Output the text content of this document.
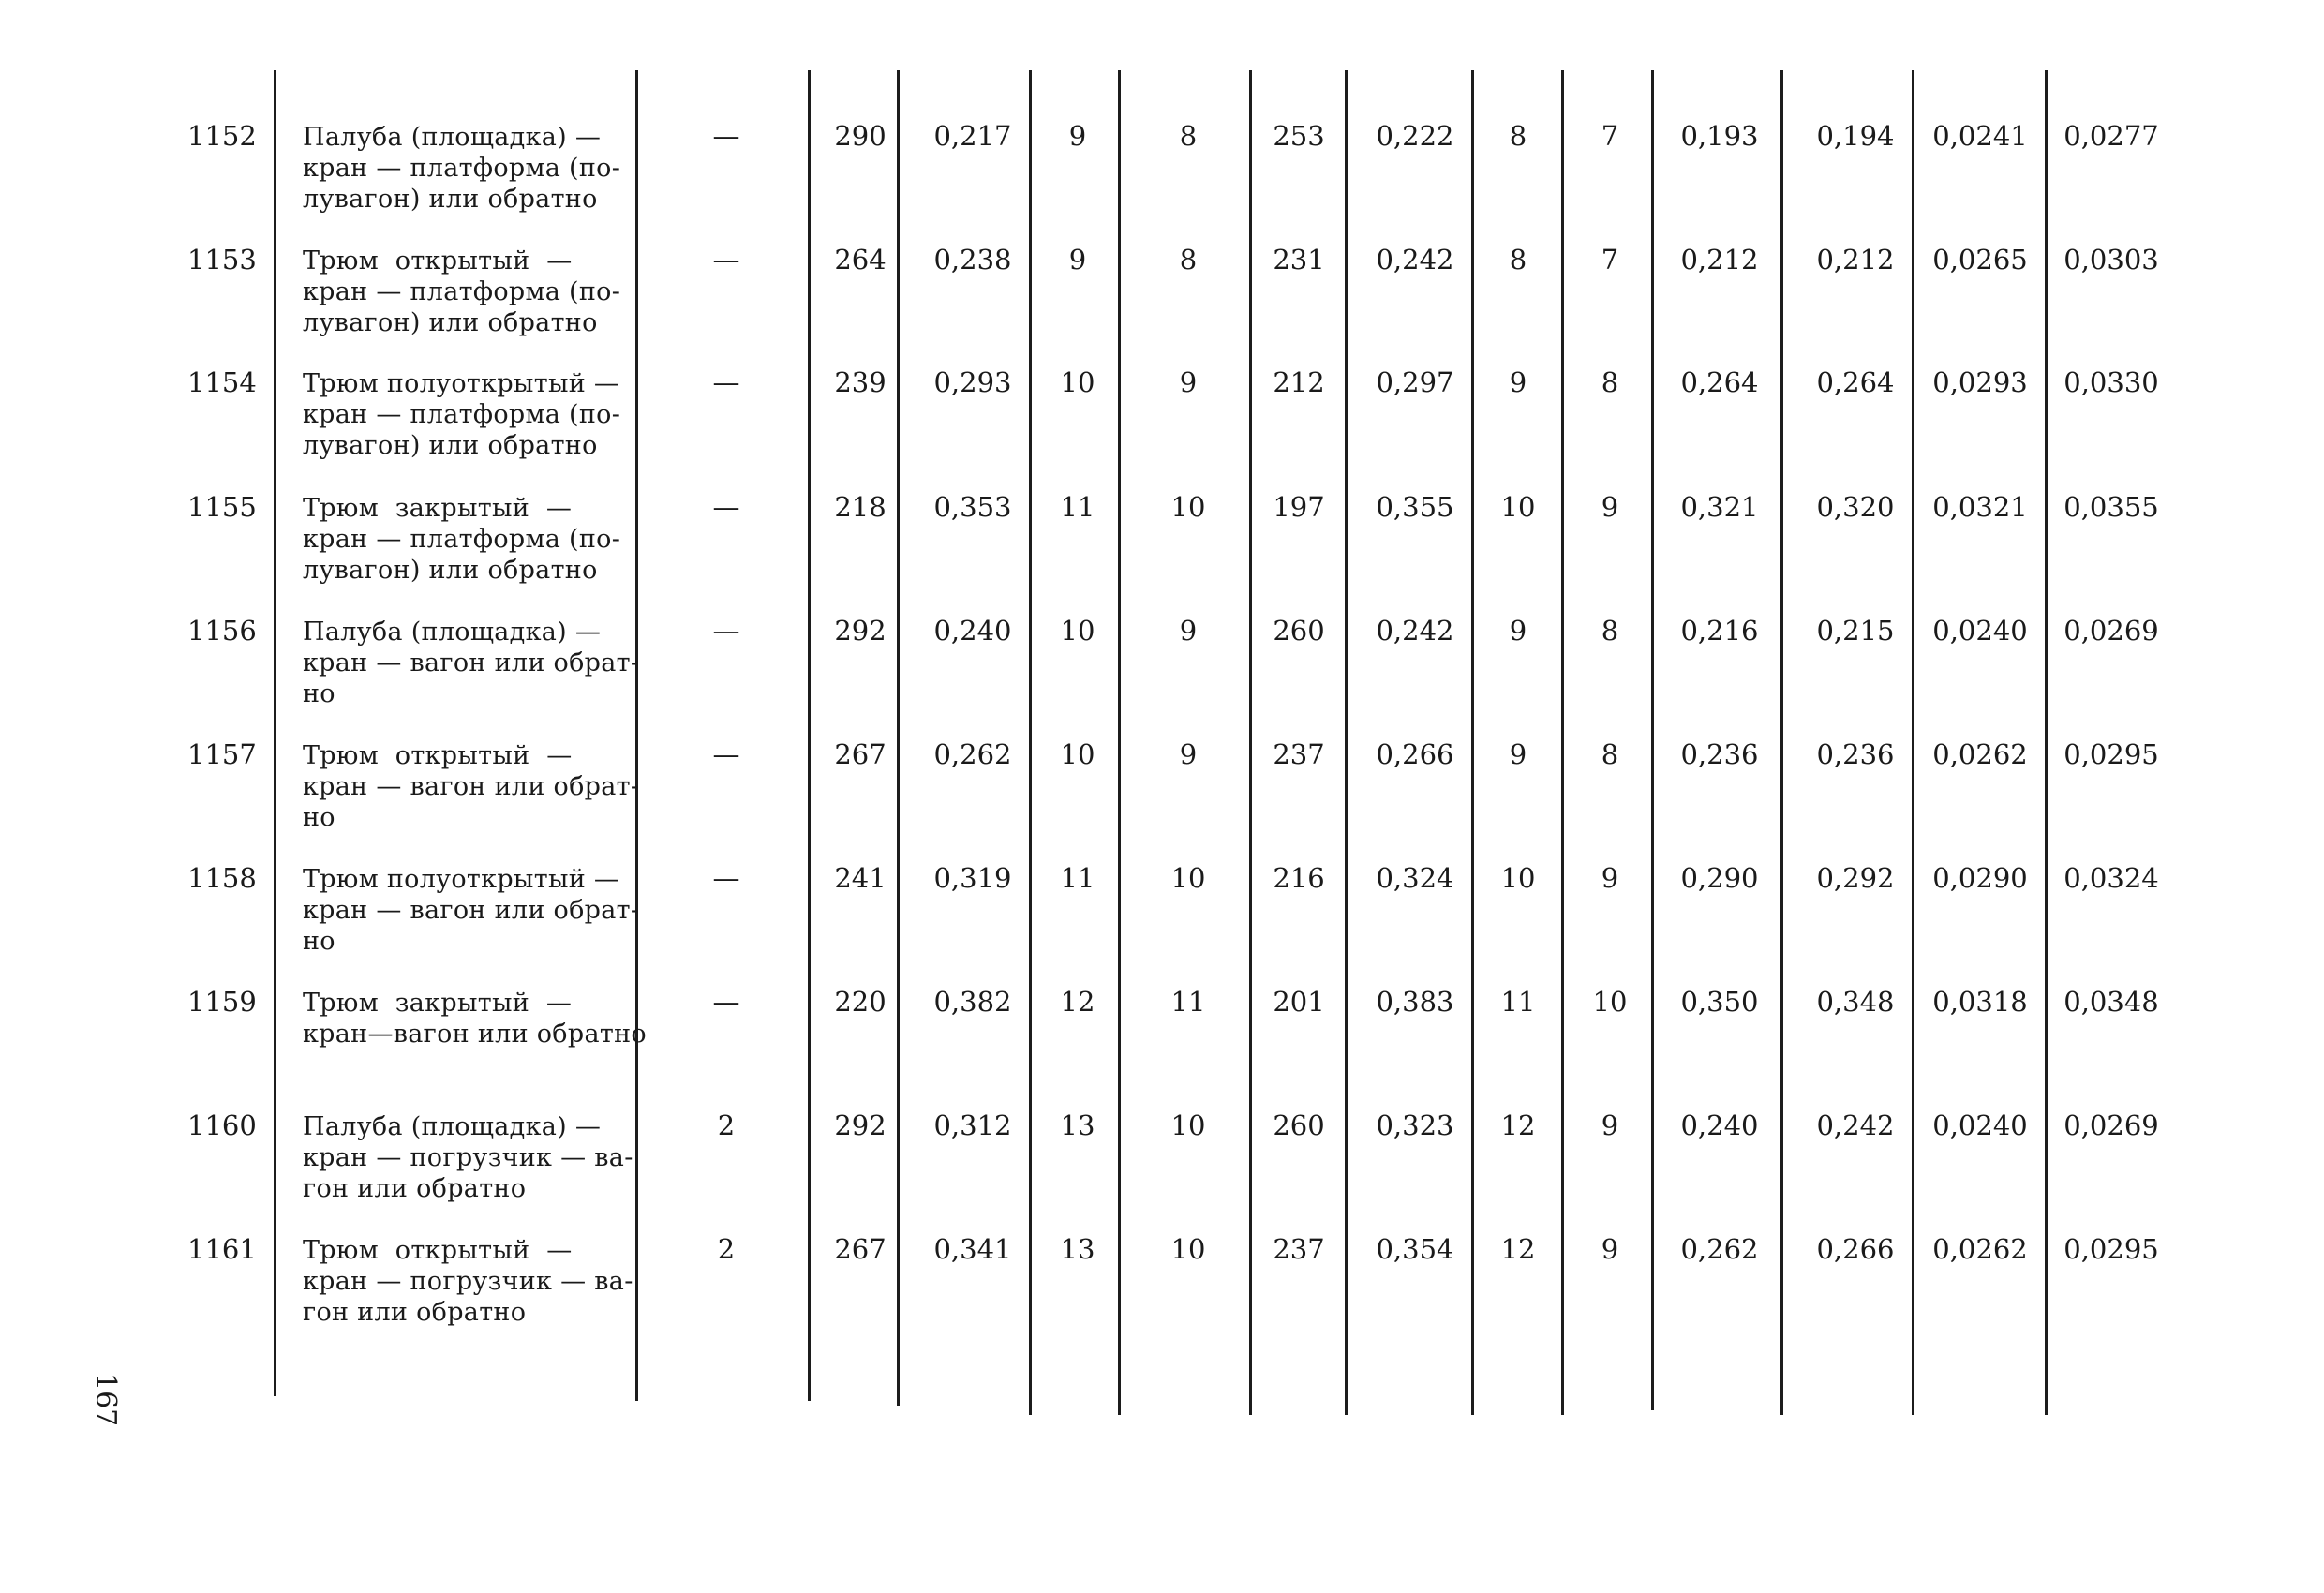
1152 Палуба (площадка) —
кран — платформа (по-
лувагон) или обратно
—	290	0,217	9	8	253	0,222	8	7	0,193	0,194	0,0241	0,0277
1153 Трюм  открытый  —
кран — платформа (по-
лувагон) или обратно
—	264	0,238	9	8	231	0,242	8	7	0,212	0,212	0,0265	0,0303
1154 Трюм полуоткрытый —
кран — платформа (по-
лувагон) или обратно
—	239	0,293	10	9	212	0,297	9	8	0,264	0,264	0,0293	0,0330
1155 Трюм  закрытый  —
кран — платформа (по-
лувагон) или обратно
—	218	0,353	11	10	197	0,355	10	9	0,321	0,320	0,0321	0,0355
1156 Палуба (площадка) —
кран — вагон или обрат-
но
—	292	0,240	10	9	260	0,242	9	8	0,216	0,215	0,0240	0,0269
1157 Трюм  открытый  —
кран — вагон или обрат-
но
—	267	0,262	10	9	237	0,266	9	8	0,236	0,236	0,0262	0,0295
1158 Трюм полуоткрытый —
кран — вагон или обрат-
но
—	241	0,319	11	10	216	0,324	10	9	0,290	0,292	0,0290	0,0324
1159 Трюм  закрытый  —
кран—вагон или обратно
—	220	0,382	12	11	201	0,383	11	10	0,350	0,348	0,0318	0,0348
1160 Палуба (площадка) —
кран — погрузчик — ва-
гон или обратно
2	292	0,312	13	10	260	0,323	12	9	0,240	0,242	0,0240	0,0269
1161 Трюм  открытый  —
кран — погрузчик — ва-
гон или обратно
2	267	0,341	13	10	237	0,354	12	9	0,262	0,266	0,0262	0,0295
167
